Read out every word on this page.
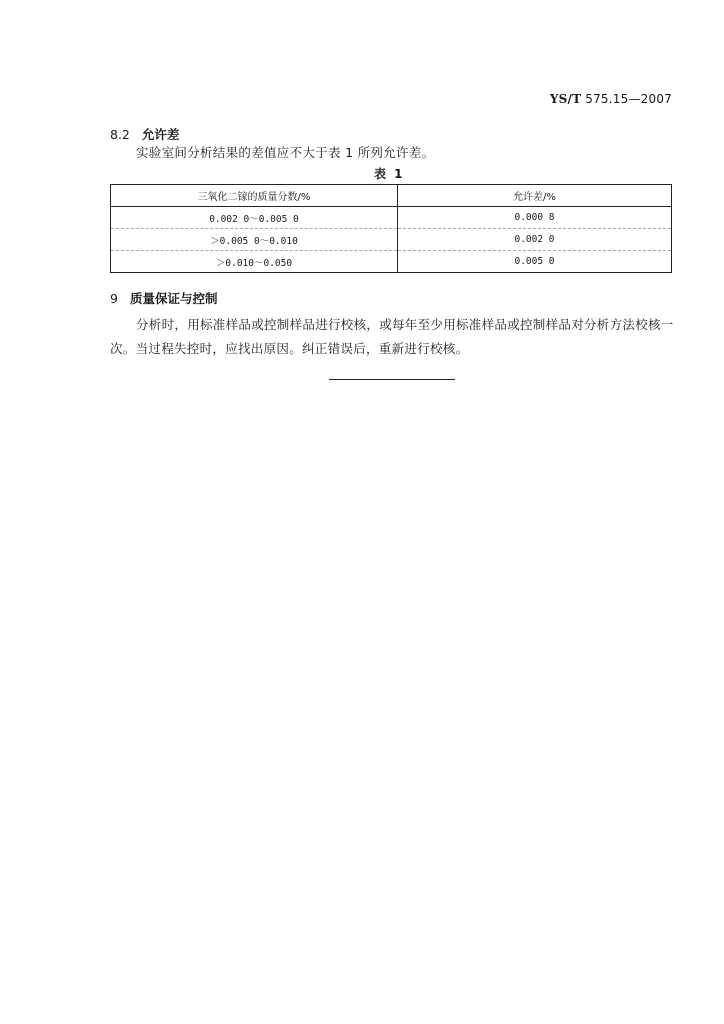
YS/T 575.15—2007
8.2 允许差
实验室间分析结果的差值应不大于表 1 所列允许差。
表 1
三氧化二镓的质量分数/%	允许差/%
0.002 0～0.005 0	0.000 8
＞0.005 0～0.010	0.002 0
＞0.010～0.050	0.005 0
9 质量保证与控制
分析时，用标准样品或控制样品进行校核，或每年至少用标准样品或控制样品对分析方法校核一
次。当过程失控时，应找出原因。纠正错误后，重新进行校核。
